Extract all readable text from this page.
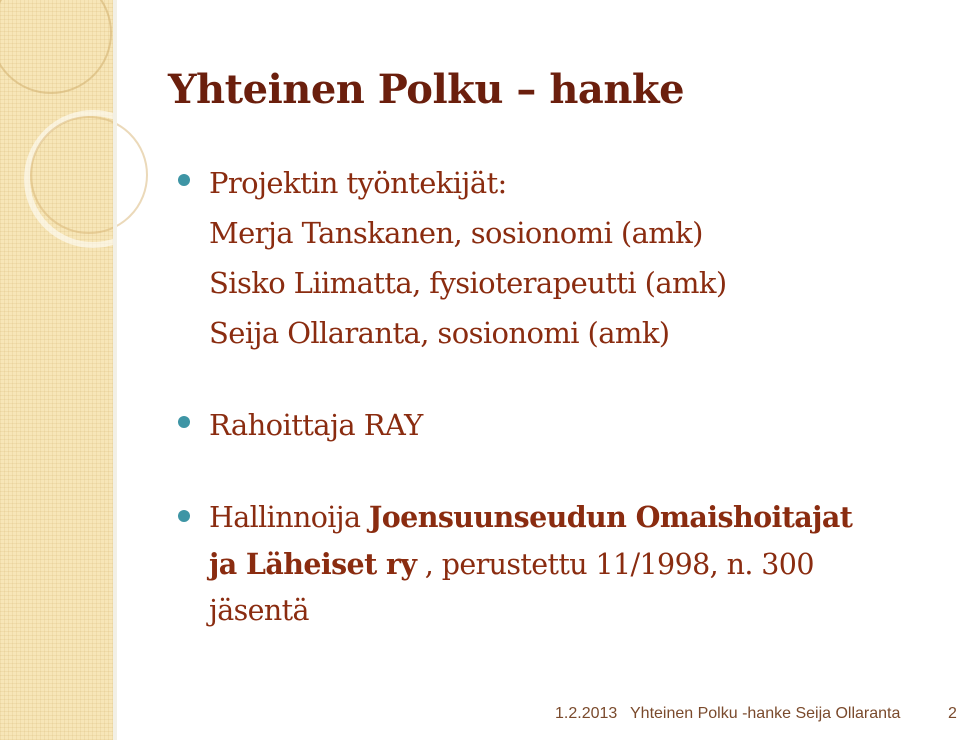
Yhteinen Polku – hanke
Projektin työntekijät:
Merja Tanskanen, sosionomi (amk)
Sisko Liimatta, fysioterapeutti (amk)
Seija Ollaranta, sosionomi (amk)
Rahoittaja RAY
Hallinnoija Joensuunseudun Omaishoitajat
ja Läheiset ry , perustettu 11/1998, n. 300
jäsentä
1.2.2013 Yhteinen Polku -hanke Seija Ollaranta	2
